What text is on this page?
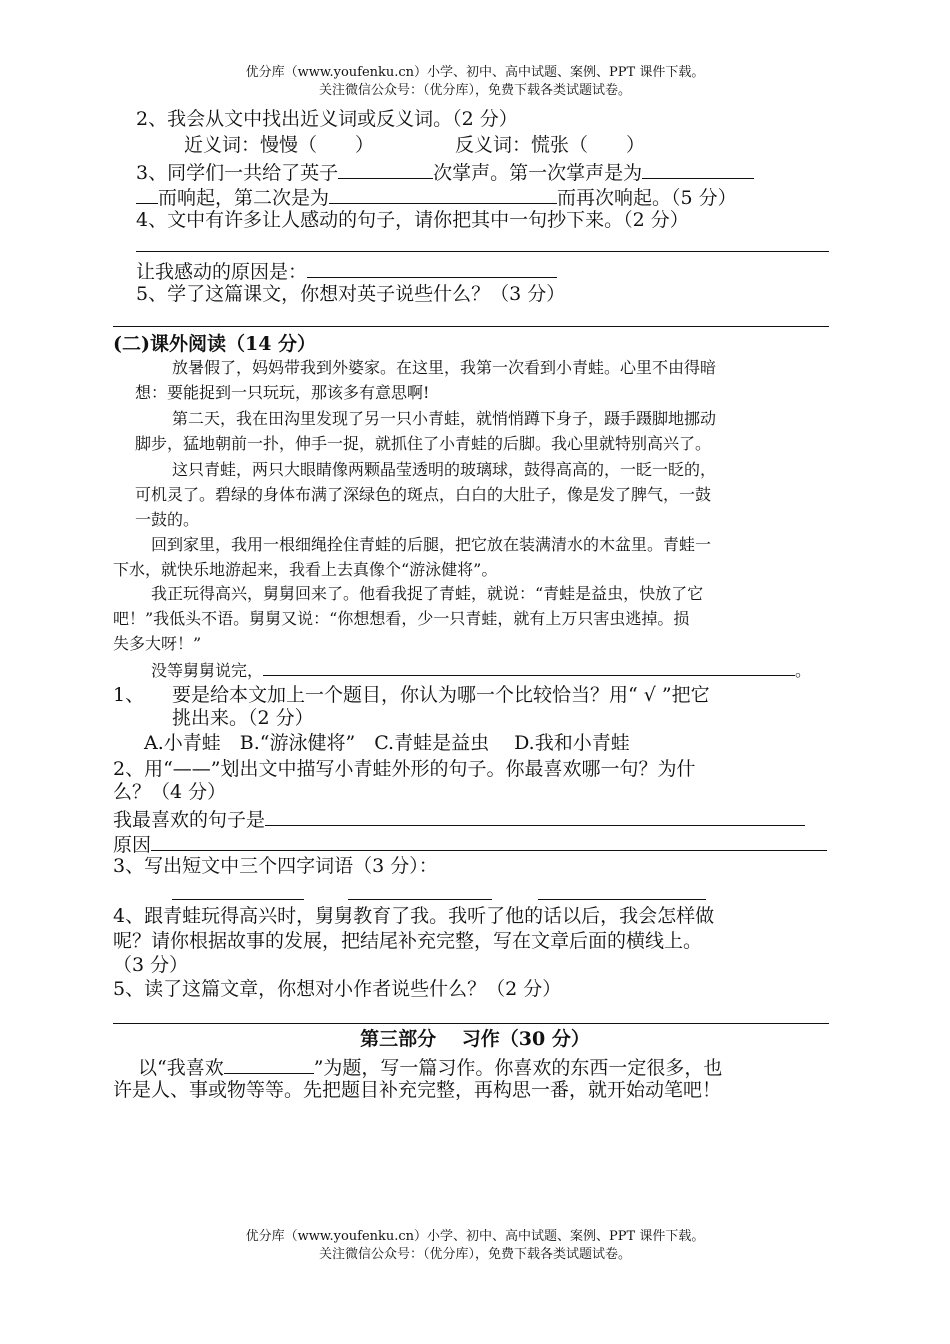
优分库（www.youfenku.cn）小学、初中、高中试题、案例、PPT 课件下载。
关注微信公众号：（优分库），免费下载各类试题试卷。
2、我会从文中找出近义词或反义词。（2 分）
近义词：慢慢（　　）	反义词：慌张（　　）
3、同学们一共给了英子	次掌声。第一次掌声是为
而响起，第二次是为	而再次响起。（5 分）
4、文中有许多让人感动的句子，请你把其中一句抄下来。（2 分）
让我感动的原因是：
5、学了这篇课文，你想对英子说些什么？（3 分）
(二)课外阅读（14 分）
放暑假了，妈妈带我到外婆家。在这里，我第一次看到小青蛙。心里不由得暗
想：要能捉到一只玩玩，那该多有意思啊!
第二天，我在田沟里发现了另一只小青蛙，就悄悄蹲下身子，蹑手蹑脚地挪动
脚步，猛地朝前一扑，伸手一捉，就抓住了小青蛙的后脚。我心里就特别高兴了。
这只青蛙，两只大眼睛像两颗晶莹透明的玻璃球，鼓得高高的，一眨一眨的，
可机灵了。碧绿的身体布满了深绿色的斑点，白白的大肚子，像是发了脾气，一鼓
一鼓的。
回到家里，我用一根细绳拴住青蛙的后腿，把它放在装满清水的木盆里。青蛙一
下水，就快乐地游起来，我看上去真像个“游泳健将”。
我正玩得高兴，舅舅回来了。他看我捉了青蛙，就说：“青蛙是益虫，快放了它
吧！”我低头不语。舅舅又说：“你想想看，少一只青蛙，就有上万只害虫逃掉。损
失多大呀！”
没等舅舅说完，	。
1、 要是给本文加上一个题目，你认为哪一个比较恰当？用“ √ ”把它
挑出来。（2 分）
A.小青蛙　B.“游泳健将”　C.青蛙是益虫　 D.我和小青蛙
2、用“——”划出文中描写小青蛙外形的句子。你最喜欢哪一句？为什
么？（4 分）
我最喜欢的句子是
原因
3、写出短文中三个四字词语（3 分）：
4、跟青蛙玩得高兴时，舅舅教育了我。我听了他的话以后，我会怎样做
呢？请你根据故事的发展，把结尾补充完整，写在文章后面的横线上。
（3 分）
5、读了这篇文章，你想对小作者说些什么？（2 分）
第三部分　 习作（30 分）
以“我喜欢	”为题，写一篇习作。你喜欢的东西一定很多，也
许是人、事或物等等。先把题目补充完整，再构思一番，就开始动笔吧！
优分库（www.youfenku.cn）小学、初中、高中试题、案例、PPT 课件下载。
关注微信公众号：（优分库），免费下载各类试题试卷。
